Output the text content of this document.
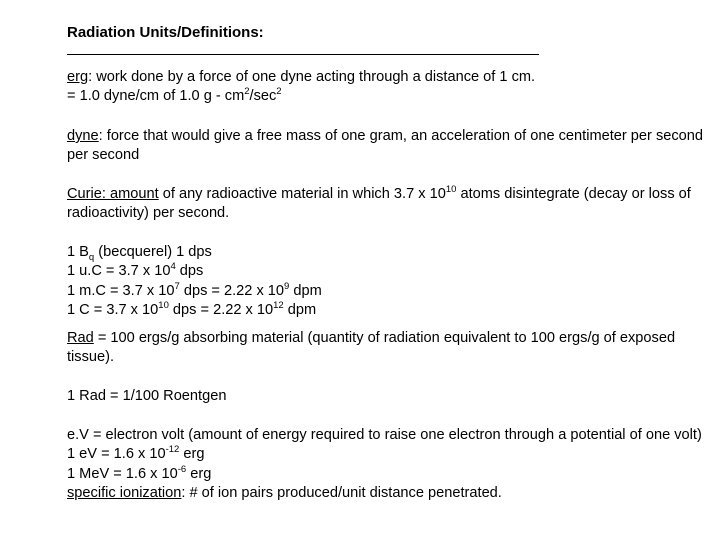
Radiation Units/Definitions:

erg: work done by a force of one dyne acting through a distance of 1 cm.

= 1.0 dyne/cm of 1.0 g - $cm^2/\sec^2$

dyne: force that would give a free mass of one gram, an acceleration of one centimeter per second per second

Curie: amount of any radioactive material in which 3.7 x $10^{10}$ atoms disintegrate (decay or loss of radioactivity) per second.

1 $B_q$ (becquerel) 1 dps

1 u.C = 3.7 x $10^4$ dps

1 m.C = 3.7 x $10^7$ dps = 2.22 x $10^9$ dpm

1 C = 3.7 x $10^{10}$ dps = 2.22 x $10^{12}$ dpm

Rad = 100 ergs/g absorbing material (quantity of radiation equivalent to 100 ergs/g of exposed tissue).

1 Rad = 1/100 Roentgen

e.V = electron volt (amount of energy required to raise one electron through a potential of one volt)

1 eV = 1.6 x $10^{-12}$ erg

1 MeV = 1.6 x $10^{-6}$ erg

specific ionization: # of ion pairs produced/unit distance penetrated.
